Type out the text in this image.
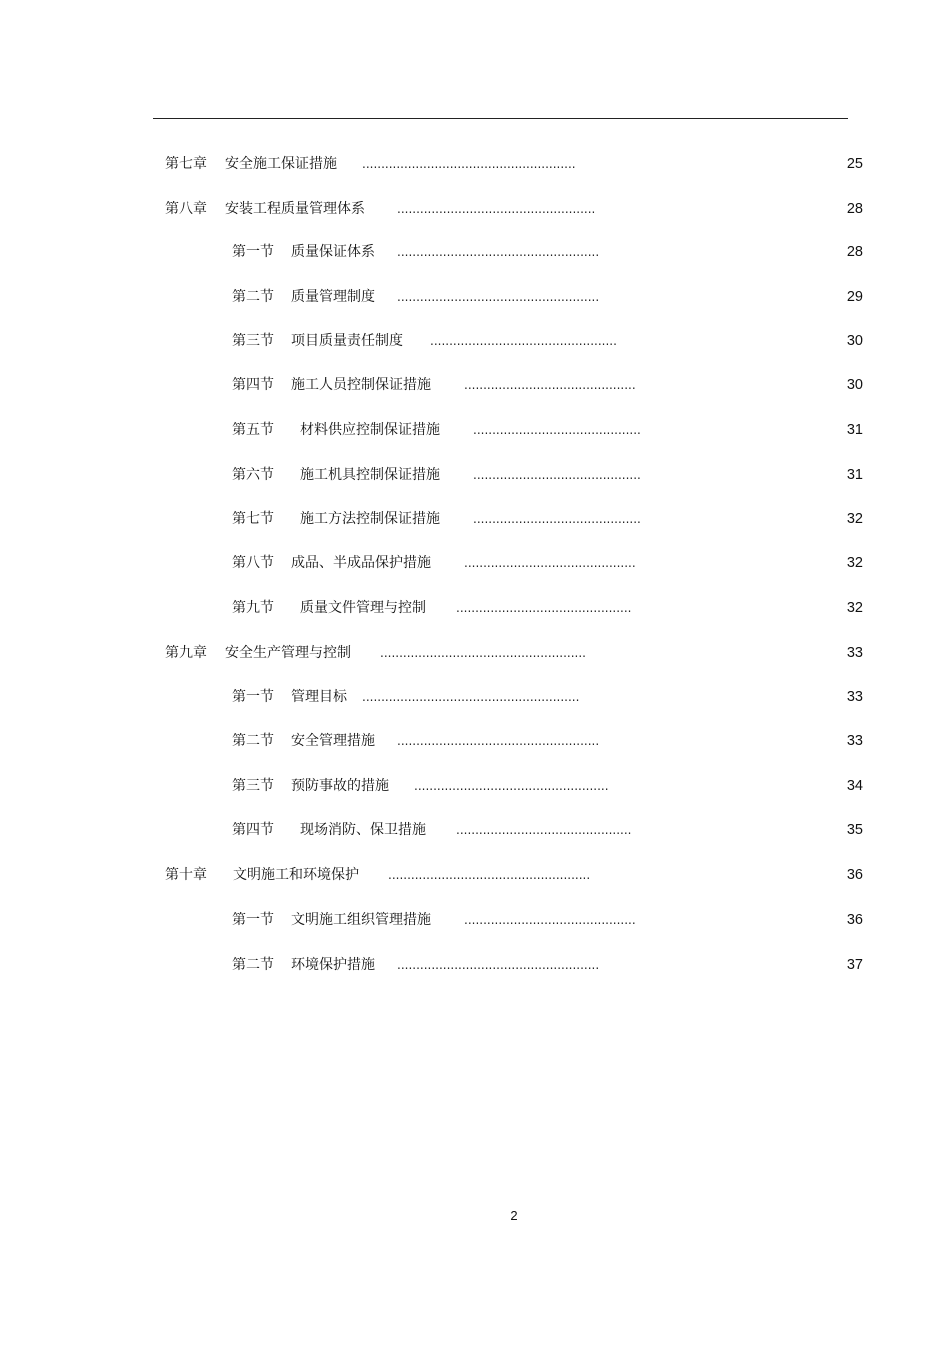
第七章 安全施工保证措施 ........................................................	25
第八章 安装工程质量管理体系	....................................................	28
第一节 质量保证体系 .....................................................	28
第二节 质量管理制度 .....................................................	29
第三节 项目质量责任制度 .................................................	30
第四节 施工人员控制保证措施	.............................................	30
第五节 材料供应控制保证措施	............................................	31
第六节 施工机具控制保证措施	............................................	31
第七节 施工方法控制保证措施	............................................	32
第八节 成品、半成品保护措施	.............................................	32
第九节 质量文件管理与控制	..............................................	32
第九章 安全生产管理与控制 ......................................................	33
第一节 管理目标 .........................................................	33
第二节 安全管理措施 .....................................................	33
第三节 预防事故的措施 ...................................................	34
第四节 现场消防、保卫措施	..............................................	35
第十章 文明施工和环境保护 .....................................................	36
第一节 文明施工组织管理措施	.............................................	36
第二节 环境保护措施 .....................................................	37
2
